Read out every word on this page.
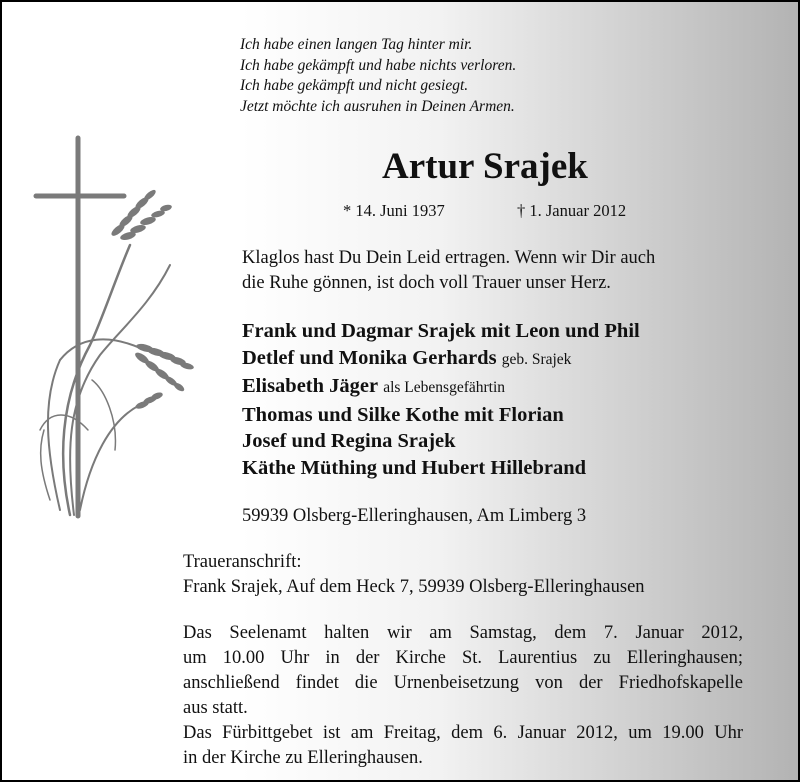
Ich habe einen langen Tag hinter mir.
Ich habe gekämpft und habe nichts verloren.
Ich habe gekämpft und nicht gesiegt.
Jetzt möchte ich ausruhen in Deinen Armen.
Artur Srajek
* 14. Juni 1937	† 1. Januar 2012
Klaglos hast Du Dein Leid ertragen. Wenn wir Dir auch
die Ruhe gönnen, ist doch voll Trauer unser Herz.
Frank und Dagmar Srajek mit Leon und Phil
Detlef und Monika Gerhards geb. Srajek
Elisabeth Jäger als Lebensgefährtin
Thomas und Silke Kothe mit Florian
Josef und Regina Srajek
Käthe Müthing und Hubert Hillebrand
59939 Olsberg-Elleringhausen, Am Limberg 3
Traueranschrift:
Frank Srajek, Auf dem Heck 7, 59939 Olsberg-Elleringhausen
Das Seelenamt halten wir am Samstag, dem 7. Januar 2012,
um 10.00 Uhr in der Kirche St. Laurentius zu Elleringhausen;
anschließend findet die Urnenbeisetzung von der Friedhofskapelle
aus statt.
Das Fürbittgebet ist am Freitag, dem 6. Januar 2012, um 19.00 Uhr
in der Kirche zu Elleringhausen.
